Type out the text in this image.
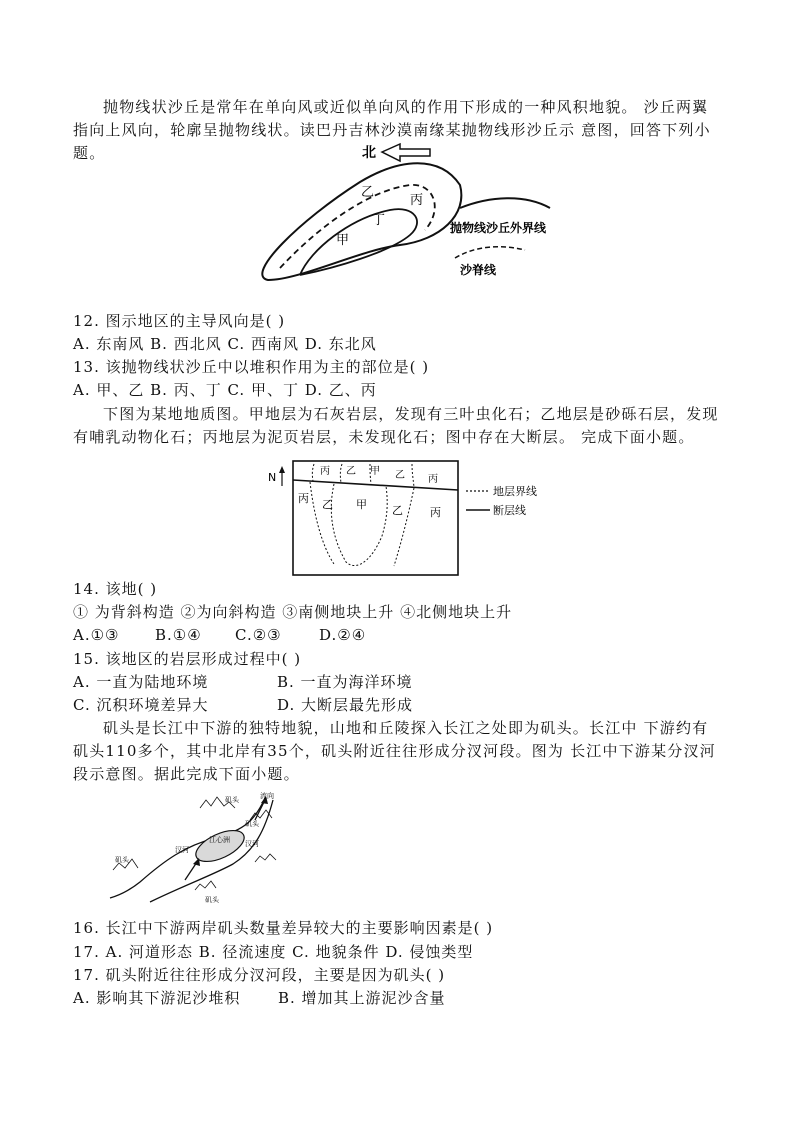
抛物线状沙丘是常年在单向风或近似单向风的作用下形成的一种风积地貌。 沙丘两翼指向上风向，轮廓呈抛物线状。读巴丹吉林沙漠南缘某抛物线形沙丘示 意图，回答下列小题。	北
乙
丙
丁
甲
抛物线沙丘外界线
沙脊线
12. 图示地区的主导风向是( )
A. 东南风 B. 西北风 C. 西南风 D. 东北风
13. 该抛物线状沙丘中以堆积作用为主的部位是( )
A. 甲、乙 B. 丙、丁 C. 甲、丁 D. 乙、丙
下图为某地地质图。甲地层为石灰岩层，发现有三叶虫化石；乙地层是砂砾石层，发现有哺乳动物化石；丙地层为泥页岩层，未发现化石；图中存在大断层。 完成下面小题。
N	丙 乙 甲 乙 丙
丙 乙 甲 乙 丙
地层界线
断层线
14. 该地( )
① 为背斜构造 ②为向斜构造 ③南侧地块上升 ④北侧地块上升
A.①③ B.①④ C.②③ D.②④
15. 该地区的岩层形成过程中( )
A. 一直为陆地环境	B. 一直为海洋环境
C. 沉积环境差异大	D. 大断层最先形成
矶头是长江中下游的独特地貌，山地和丘陵探入长江之处即为矶头。长江中 下游约有矶头110多个，其中北岸有35个，矶头附近往往形成分汊河段。图为 长江中下游某分汊河段示意图。据此完成下面小题。
矶头	流向
江心洲
汉河
汉河
矶头
矶头
矶头
16. 长江中下游两岸矶头数量差异较大的主要影响因素是( )
17. A. 河道形态 B. 径流速度 C. 地貌条件 D. 侵蚀类型
17. 矶头附近往往形成分汊河段，主要是因为矶头( )
A. 影响其下游泥沙堆积	B. 增加其上游泥沙含量
